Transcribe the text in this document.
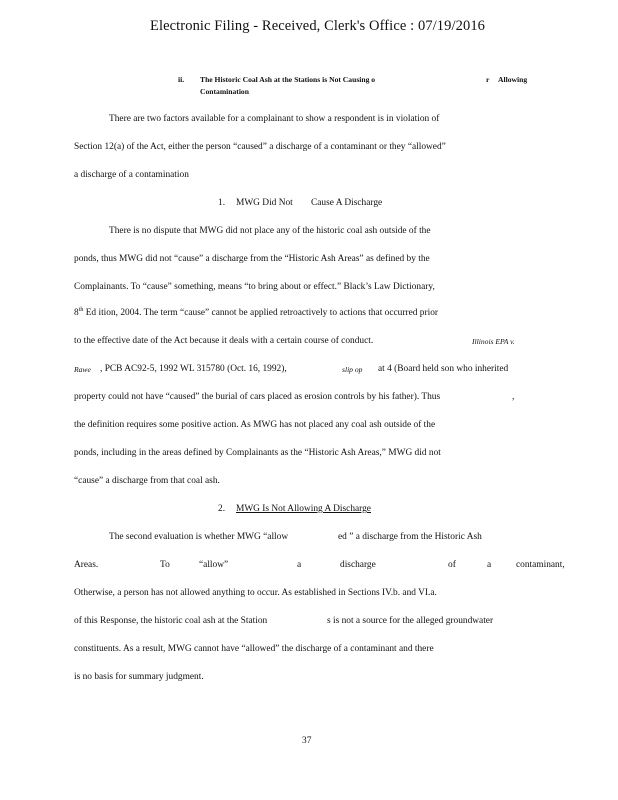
Electronic Filing - Received, Clerk's Office : 07/19/2016
ii. The Historic Coal Ash at the Stations is Not Causing o	r Allowing
Contamination
There are two factors available for a complainant to show a respondent is in violation of
Section 12(a) of the Act, either the person “caused” a discharge of a contaminant or they “allowed”
a discharge of a contamination
1. MWG Did Not Cause A Discharge
There is no dispute that MWG did not place any of the historic coal ash outside of the
ponds, thus MWG did not “cause” a discharge from the “Historic Ash Areas” as defined by the
Complainants. To “cause” something, means “to bring about or effect.” Black’s Law Dictionary,
8th Ed ition, 2004. The term “cause” cannot be applied retroactively to actions that occurred prior
to the effective date of the Act because it deals with a certain course of conduct.	Illinois EPA v.
Rawe , PCB AC92-5, 1992 WL 315780 (Oct. 16, 1992),	slip op at 4 (Board held son who inherited
property could not have “caused” the burial of cars placed as erosion controls by his father). Thus	,
the definition requires some positive action. As MWG has not placed any coal ash outside of the
ponds, including in the areas defined by Complainants as the “Historic Ash Areas,” MWG did not
“cause” a discharge from that coal ash.
2. MWG Is Not Allowing A Discharge
The second evaluation is whether MWG “allow	ed ” a discharge from the Historic Ash
Areas.	To	“allow”	a	discharge	of	a	contaminant,
Otherwise, a person has not allowed anything to occur. As established in Sections IV.b. and VI.a.
of this Response, the historic coal ash at the Station	s is not a source for the alleged groundwater
constituents. As a result, MWG cannot have “allowed” the discharge of a contaminant and there
is no basis for summary judgment.
37
